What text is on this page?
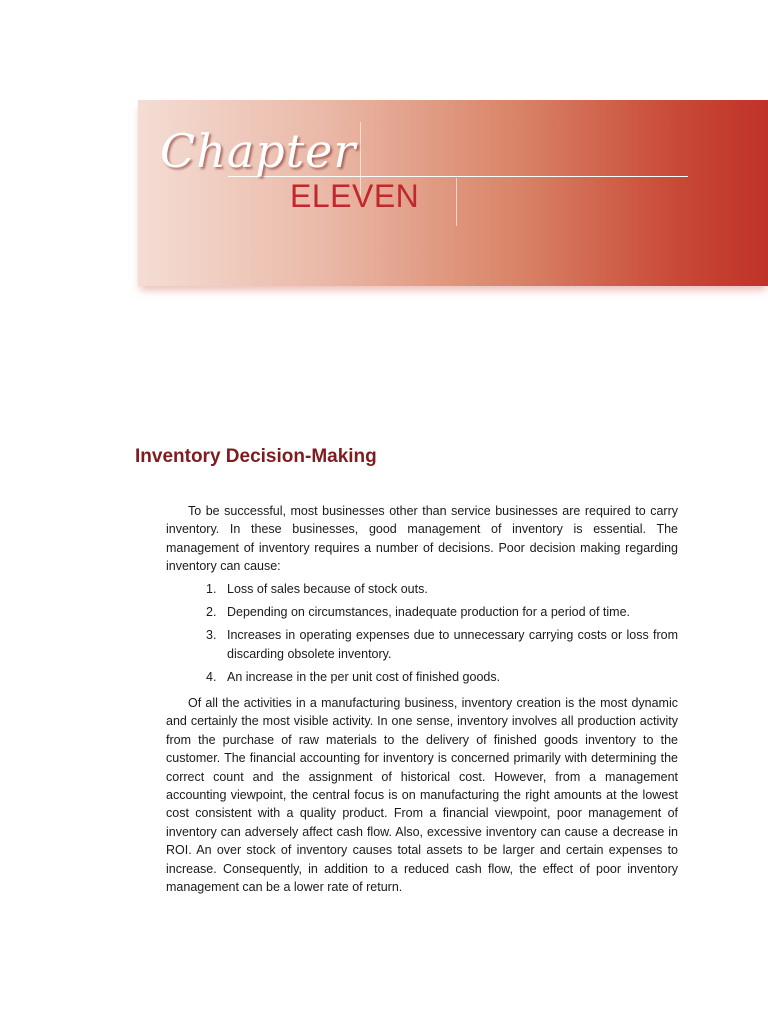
Chapter
ELEVEN
Inventory Decision-Making

To be successful, most businesses other than service businesses are required to carry inventory. In these businesses, good management of inventory is essential. The management of inventory requires a number of decisions. Poor decision making regarding inventory can cause:

1. Loss of sales because of stock outs.
2. Depending on circumstances, inadequate production for a period of time.
3. Increases in operating expenses due to unnecessary carrying costs or loss from discarding obsolete inventory.
4. An increase in the per unit cost of finished goods.

Of all the activities in a manufacturing business, inventory creation is the most dynamic and certainly the most visible activity. In one sense, inventory involves all production activity from the purchase of raw materials to the delivery of finished goods inventory to the customer. The financial accounting for inventory is concerned primarily with determining the correct count and the assignment of historical cost. However, from a management accounting viewpoint, the central focus is on manufacturing the right amounts at the lowest cost consistent with a quality product. From a financial viewpoint, poor management of inventory can adversely affect cash flow. Also, excessive inventory can cause a decrease in ROI. An over stock of inventory causes total assets to be larger and certain expenses to increase. Consequently, in addition to a reduced cash flow, the effect of poor inventory management can be a lower rate of return.
